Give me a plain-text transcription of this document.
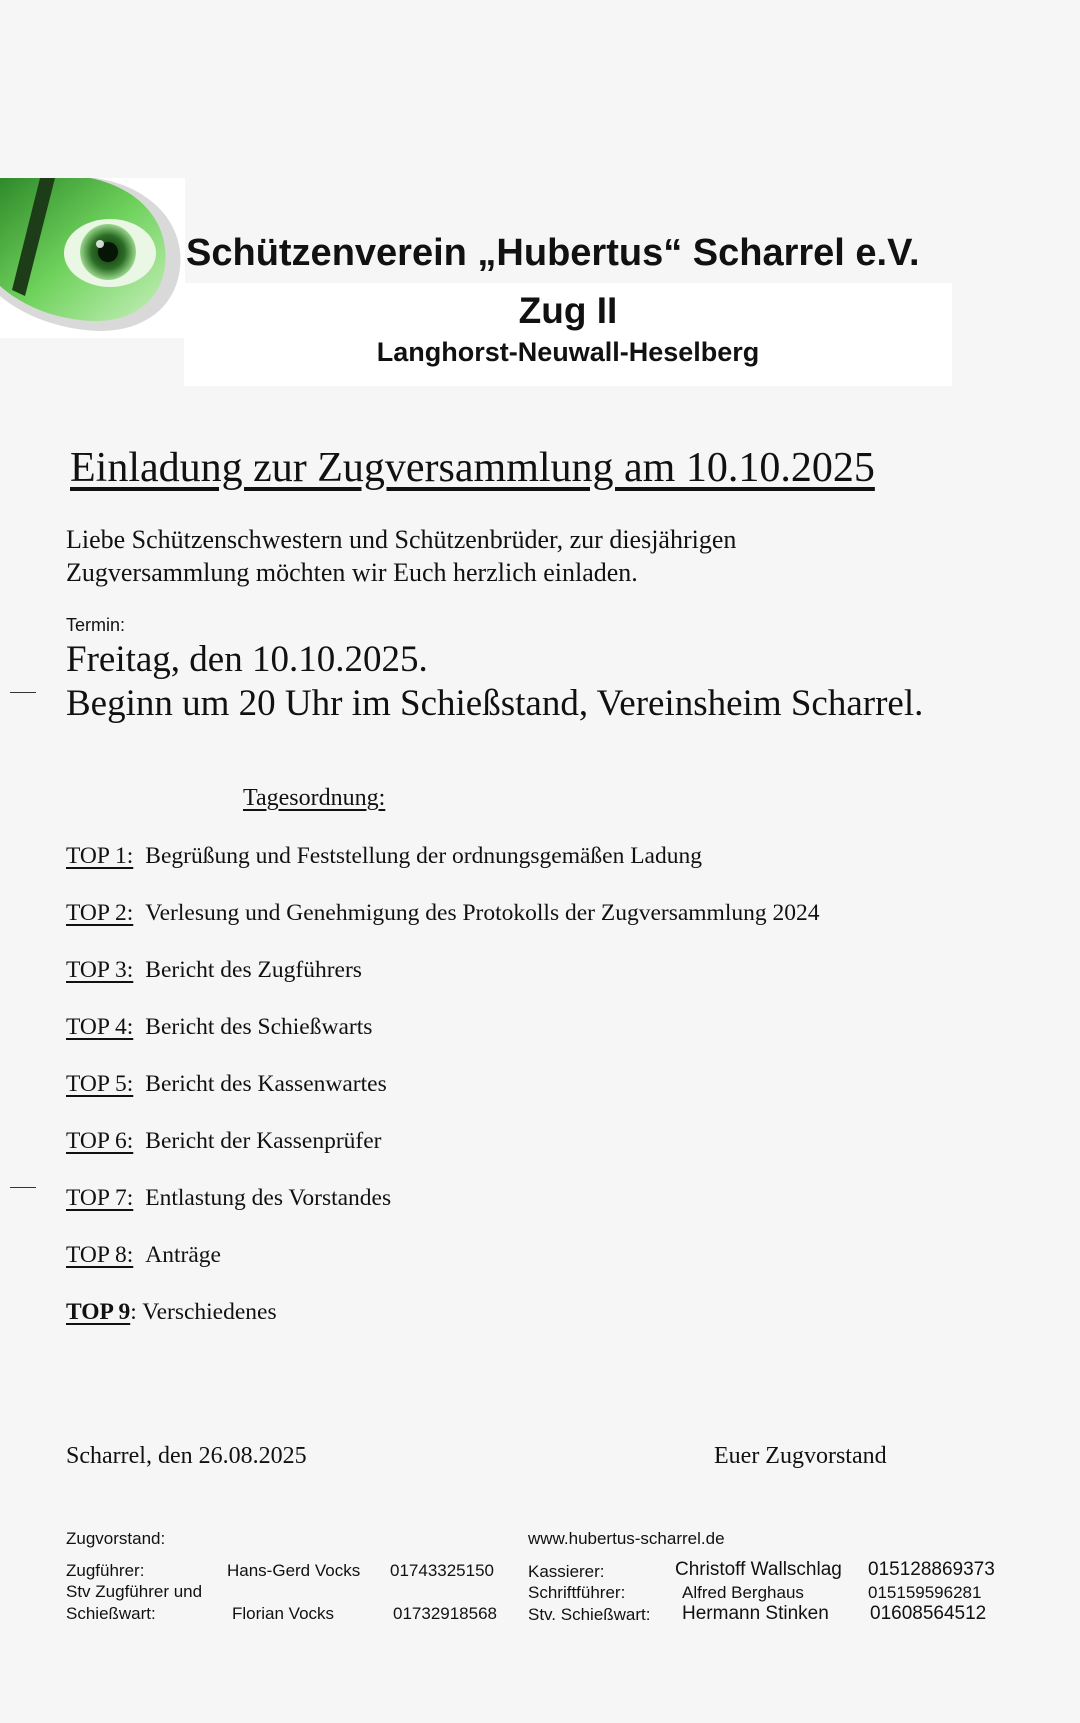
Schützenverein „Hubertus“ Scharrel e.V.
Zug II
Langhorst-Neuwall-Heselberg
Einladung zur Zugversammlung am 10.10.2025
Liebe Schützenschwestern und Schützenbrüder, zur diesjährigen
Zugversammlung möchten wir Euch herzlich einladen.
Termin:
Freitag, den 10.10.2025.
Beginn um 20 Uhr im Schießstand, Vereinsheim Scharrel.
Tagesordnung:
TOP 1: Begrüßung und Feststellung der ordnungsgemäßen Ladung
TOP 2: Verlesung und Genehmigung des Protokolls der Zugversammlung 2024
TOP 3: Bericht des Zugführers
TOP 4: Bericht des Schießwarts
TOP 5: Bericht des Kassenwartes
TOP 6: Bericht der Kassenprüfer
TOP 7: Entlastung des Vorstandes
TOP 8: Anträge
TOP 9: Verschiedenes
Scharrel, den 26.08.2025	Euer Zugvorstand
Zugvorstand:	www.hubertus-scharrel.de
Zugführer:	Hans-Gerd Vocks 01743325150
Stv Zugführer und
Schießwart:	Florian Vocks	01732918568
Kassierer:	Christoff Wallschlag 015128869373
Schriftführer:	Alfred Berghaus	015159596281
Stv. Schießwart: Hermann Stinken 01608564512
